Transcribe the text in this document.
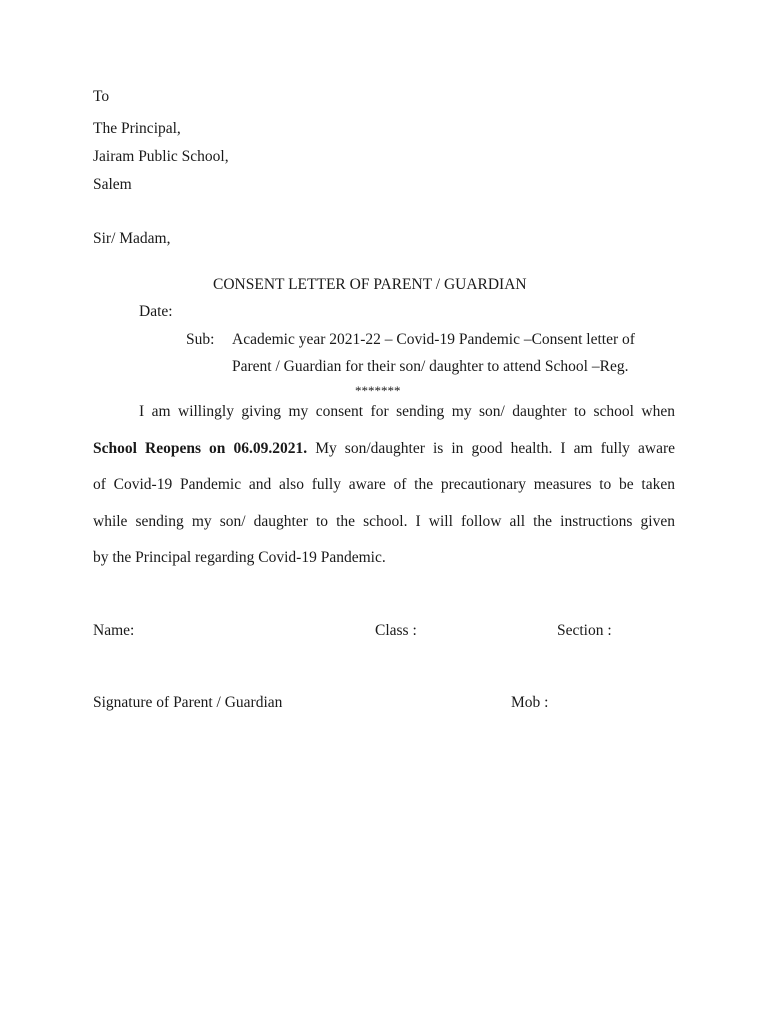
To
The Principal,
Jairam Public School,
Salem
Sir/ Madam,
CONSENT LETTER OF PARENT / GUARDIAN
Date:
Sub: Academic year 2021-22 – Covid-19 Pandemic –Consent letter of
Parent / Guardian for their son/ daughter to attend School –Reg.
*******
I am willingly giving my consent for sending my son/ daughter to school when
School Reopens on 06.09.2021. My son/daughter is in good health. I am fully aware
of Covid-19 Pandemic and also fully aware of the precautionary measures to be taken
while sending my son/ daughter to the school. I will follow all the instructions given
by the Principal regarding Covid-19 Pandemic.
Name:	Class :	Section :
Signature of Parent / Guardian	Mob :
